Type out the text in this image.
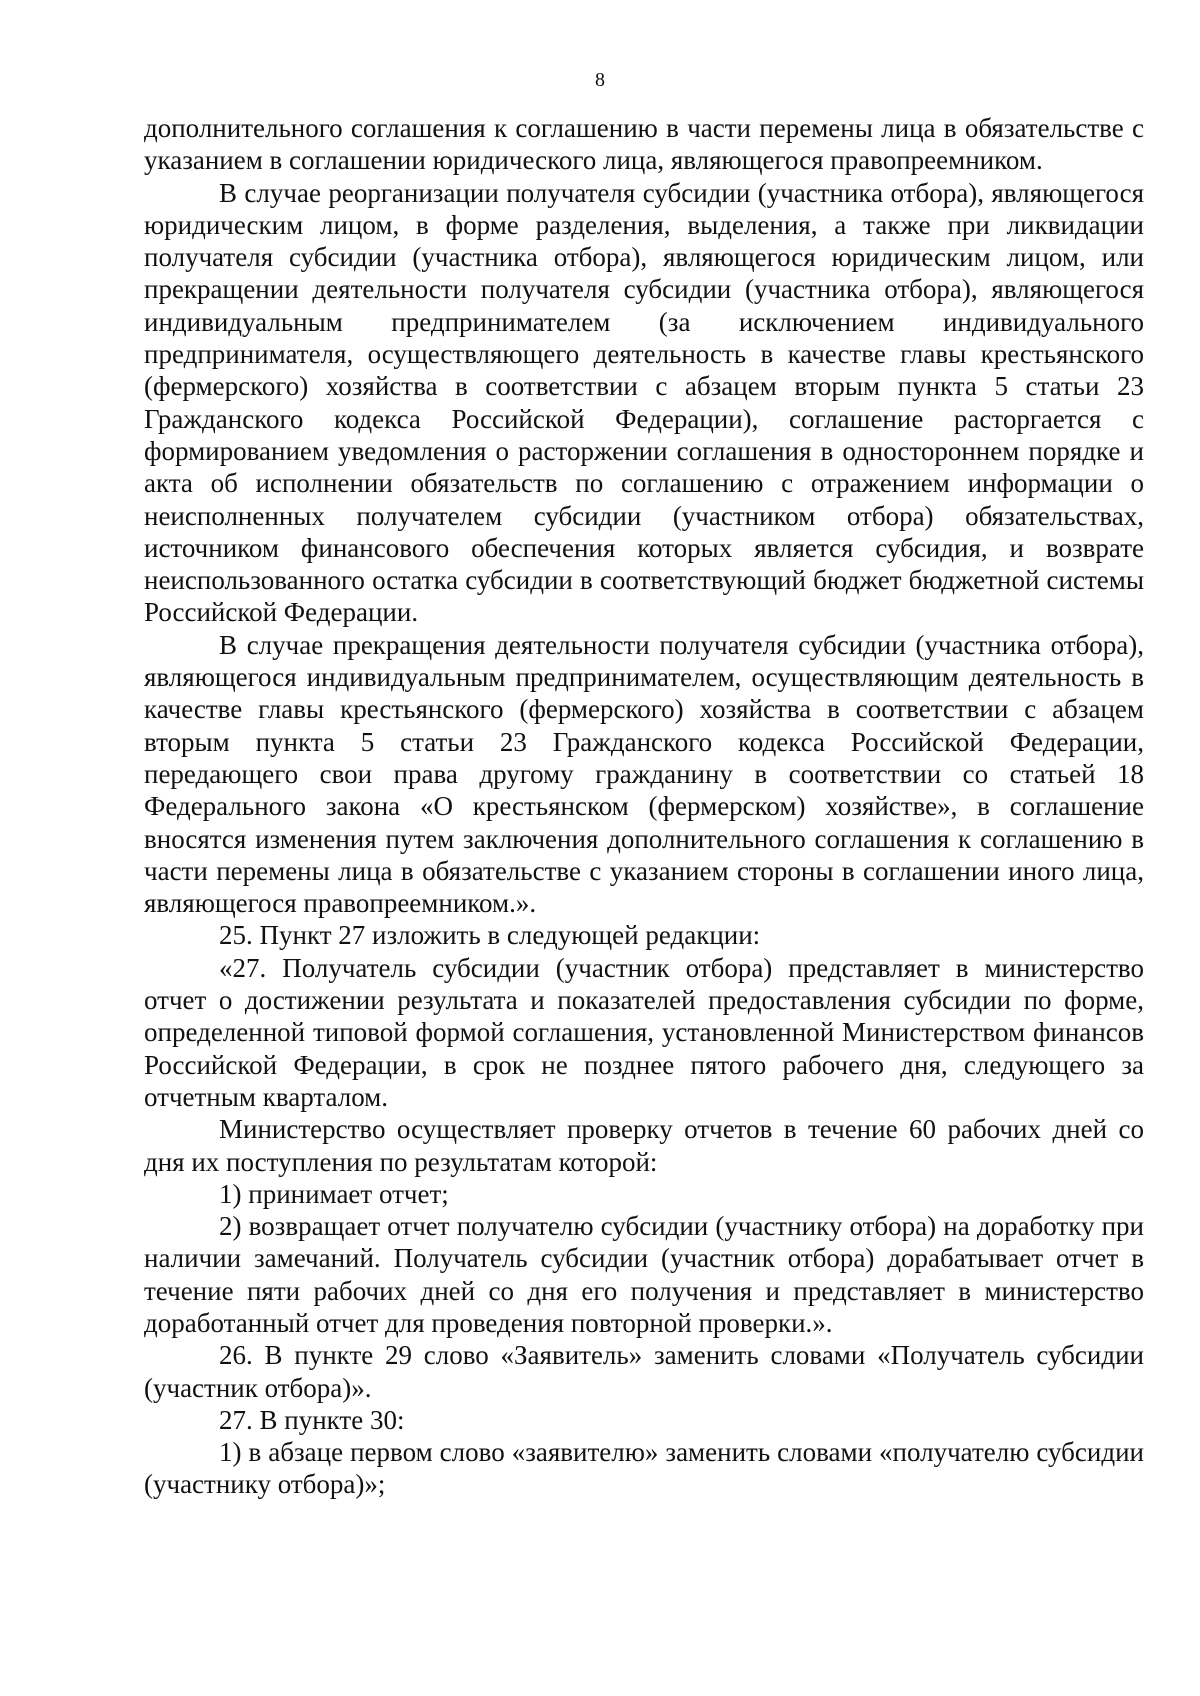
8

дополнительного соглашения к соглашению в части перемены лица в обязательстве с указанием в соглашении юридического лица, являющегося правопреемником.

В случае реорганизации получателя субсидии (участника отбора), являющегося юридическим лицом, в форме разделения, выделения, а также при ликвидации получателя субсидии (участника отбора), являющегося юридическим лицом, или прекращении деятельности получателя субсидии (участника отбора), являющегося индивидуальным предпринимателем (за исключением индивидуального предпринимателя, осуществляющего деятельность в качестве главы крестьянского (фермерского) хозяйства в соответствии с абзацем вторым пункта 5 статьи 23 Гражданского кодекса Российской Федерации), соглашение расторгается с формированием уведомления о расторжении соглашения в одностороннем порядке и акта об исполнении обязательств по соглашению с отражением информации о неисполненных получателем субсидии (участником отбора) обязательствах, источником финансового обеспечения которых является субсидия, и возврате неиспользованного остатка субсидии в соответствующий бюджет бюджетной системы Российской Федерации.

В случае прекращения деятельности получателя субсидии (участника отбора), являющегося индивидуальным предпринимателем, осуществляющим деятельность в качестве главы крестьянского (фермерского) хозяйства в соответствии с абзацем вторым пункта 5 статьи 23 Гражданского кодекса Российской Федерации, передающего свои права другому гражданину в соответствии со статьей 18 Федерального закона «О крестьянском (фермерском) хозяйстве», в соглашение вносятся изменения путем заключения дополнительного соглашения к соглашению в части перемены лица в обязательстве с указанием стороны в соглашении иного лица, являющегося правопреемником.».

25. Пункт 27 изложить в следующей редакции:

«27. Получатель субсидии (участник отбора) представляет в министерство отчет о достижении результата и показателей предоставления субсидии по форме, определенной типовой формой соглашения, установленной Министерством финансов Российской Федерации, в срок не позднее пятого рабочего дня, следующего за отчетным кварталом.

Министерство осуществляет проверку отчетов в течение 60 рабочих дней со дня их поступления по результатам которой:

1) принимает отчет;

2) возвращает отчет получателю субсидии (участнику отбора) на доработку при наличии замечаний. Получатель субсидии (участник отбора) дорабатывает отчет в течение пяти рабочих дней со дня его получения и представляет в министерство доработанный отчет для проведения повторной проверки.».

26. В пункте 29 слово «Заявитель» заменить словами «Получатель субсидии (участник отбора)».

27. В пункте 30:

1) в абзаце первом слово «заявителю» заменить словами «получателю субсидии (участнику отбора)»;
